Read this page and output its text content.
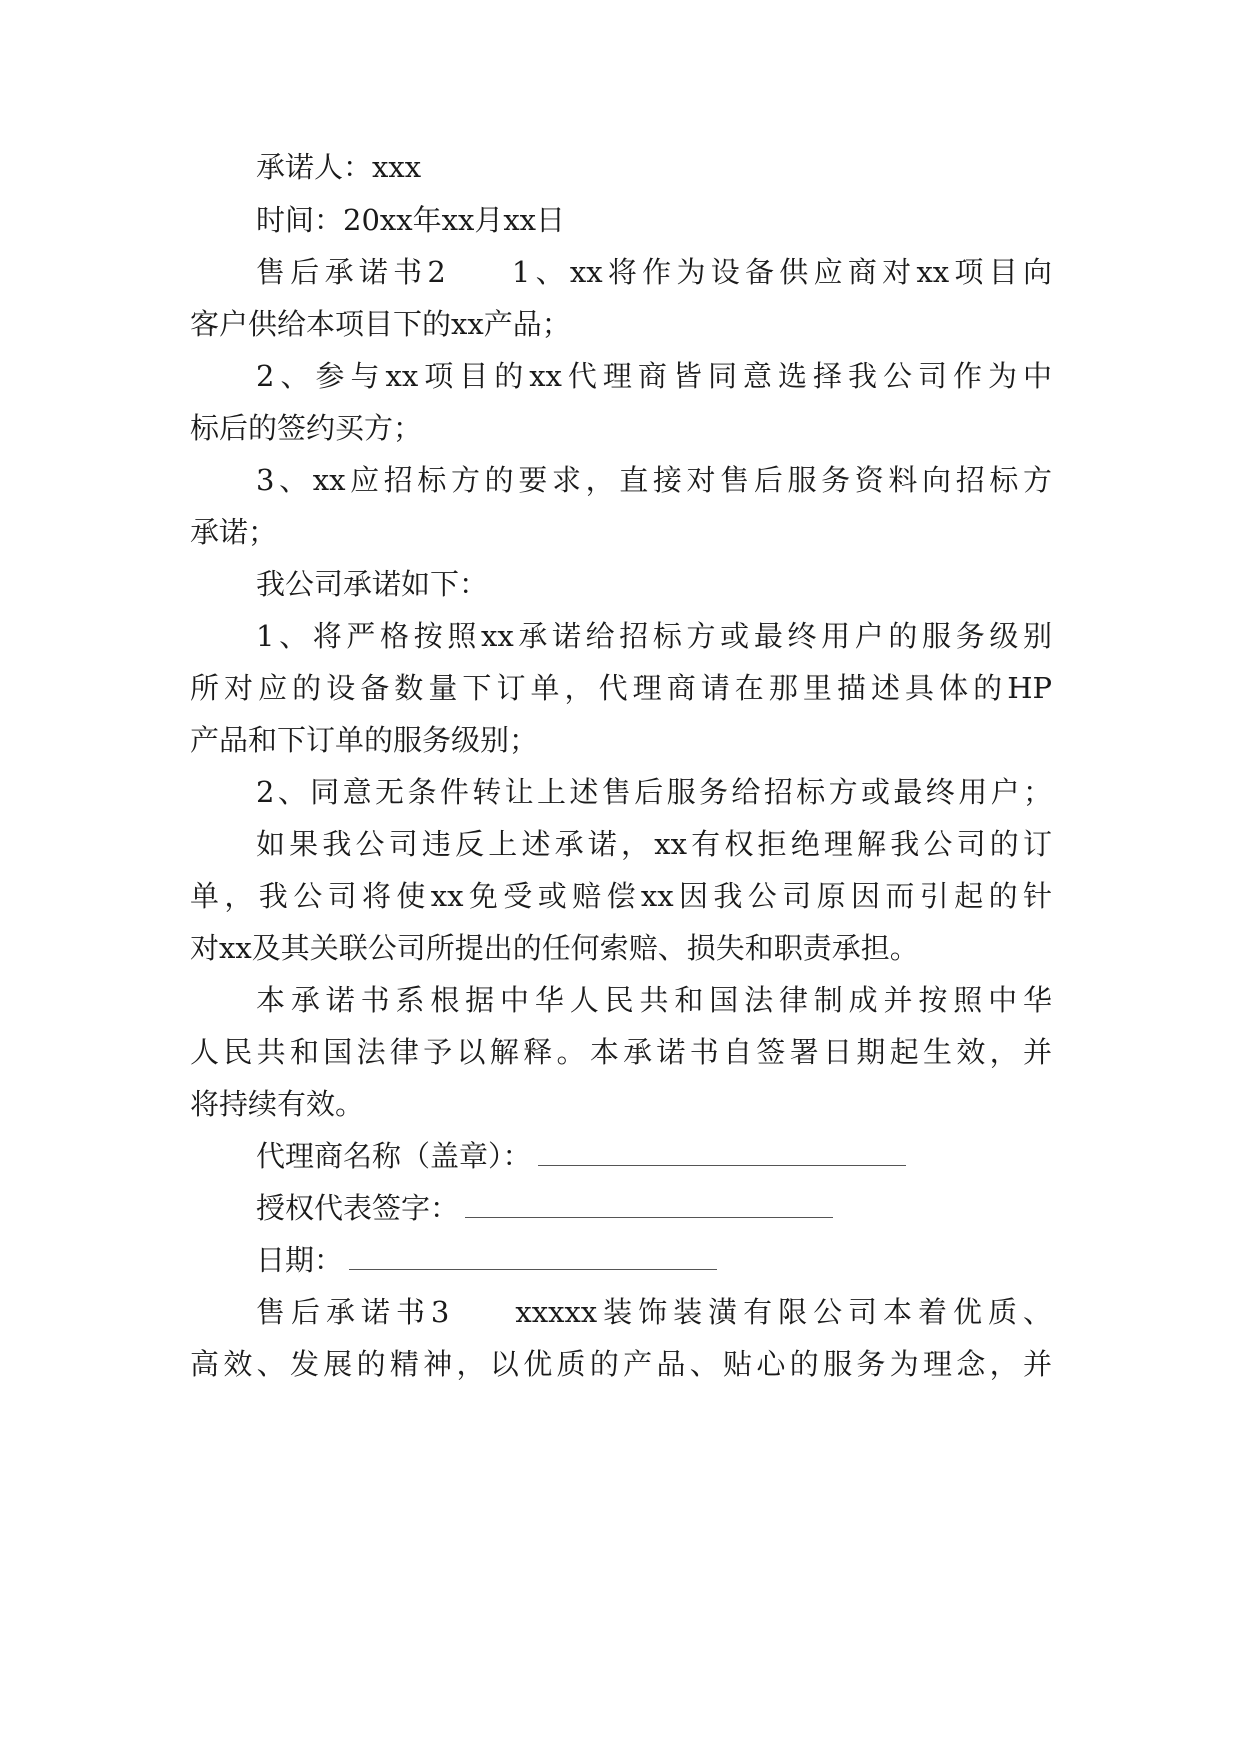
承诺人：xxx
时间：20xx年xx月xx日
售后承诺书2 1、xx将作为设备供应商对xx项目向
客户供给本项目下的xx产品；
2、参与xx项目的xx代理商皆同意选择我公司作为中
标后的签约买方；
3、xx应招标方的要求，直接对售后服务资料向招标方
承诺；
我公司承诺如下：
1、将严格按照xx承诺给招标方或最终用户的服务级别
所对应的设备数量下订单，代理商请在那里描述具体的HP
产品和下订单的服务级别；
2、同意无条件转让上述售后服务给招标方或最终用户；
如果我公司违反上述承诺，xx有权拒绝理解我公司的订
单，我公司将使xx免受或赔偿xx因我公司原因而引起的针
对xx及其关联公司所提出的任何索赔、损失和职责承担。
本承诺书系根据中华人民共和国法律制成并按照中华
人民共和国法律予以解释。本承诺书自签署日期起生效，并
将持续有效。
代理商名称（盖章）：
授权代表签字：
日期：
售后承诺书3 xxxxx装饰装潢有限公司本着优质、
高效、发展的精神，以优质的产品、贴心的服务为理念，并
